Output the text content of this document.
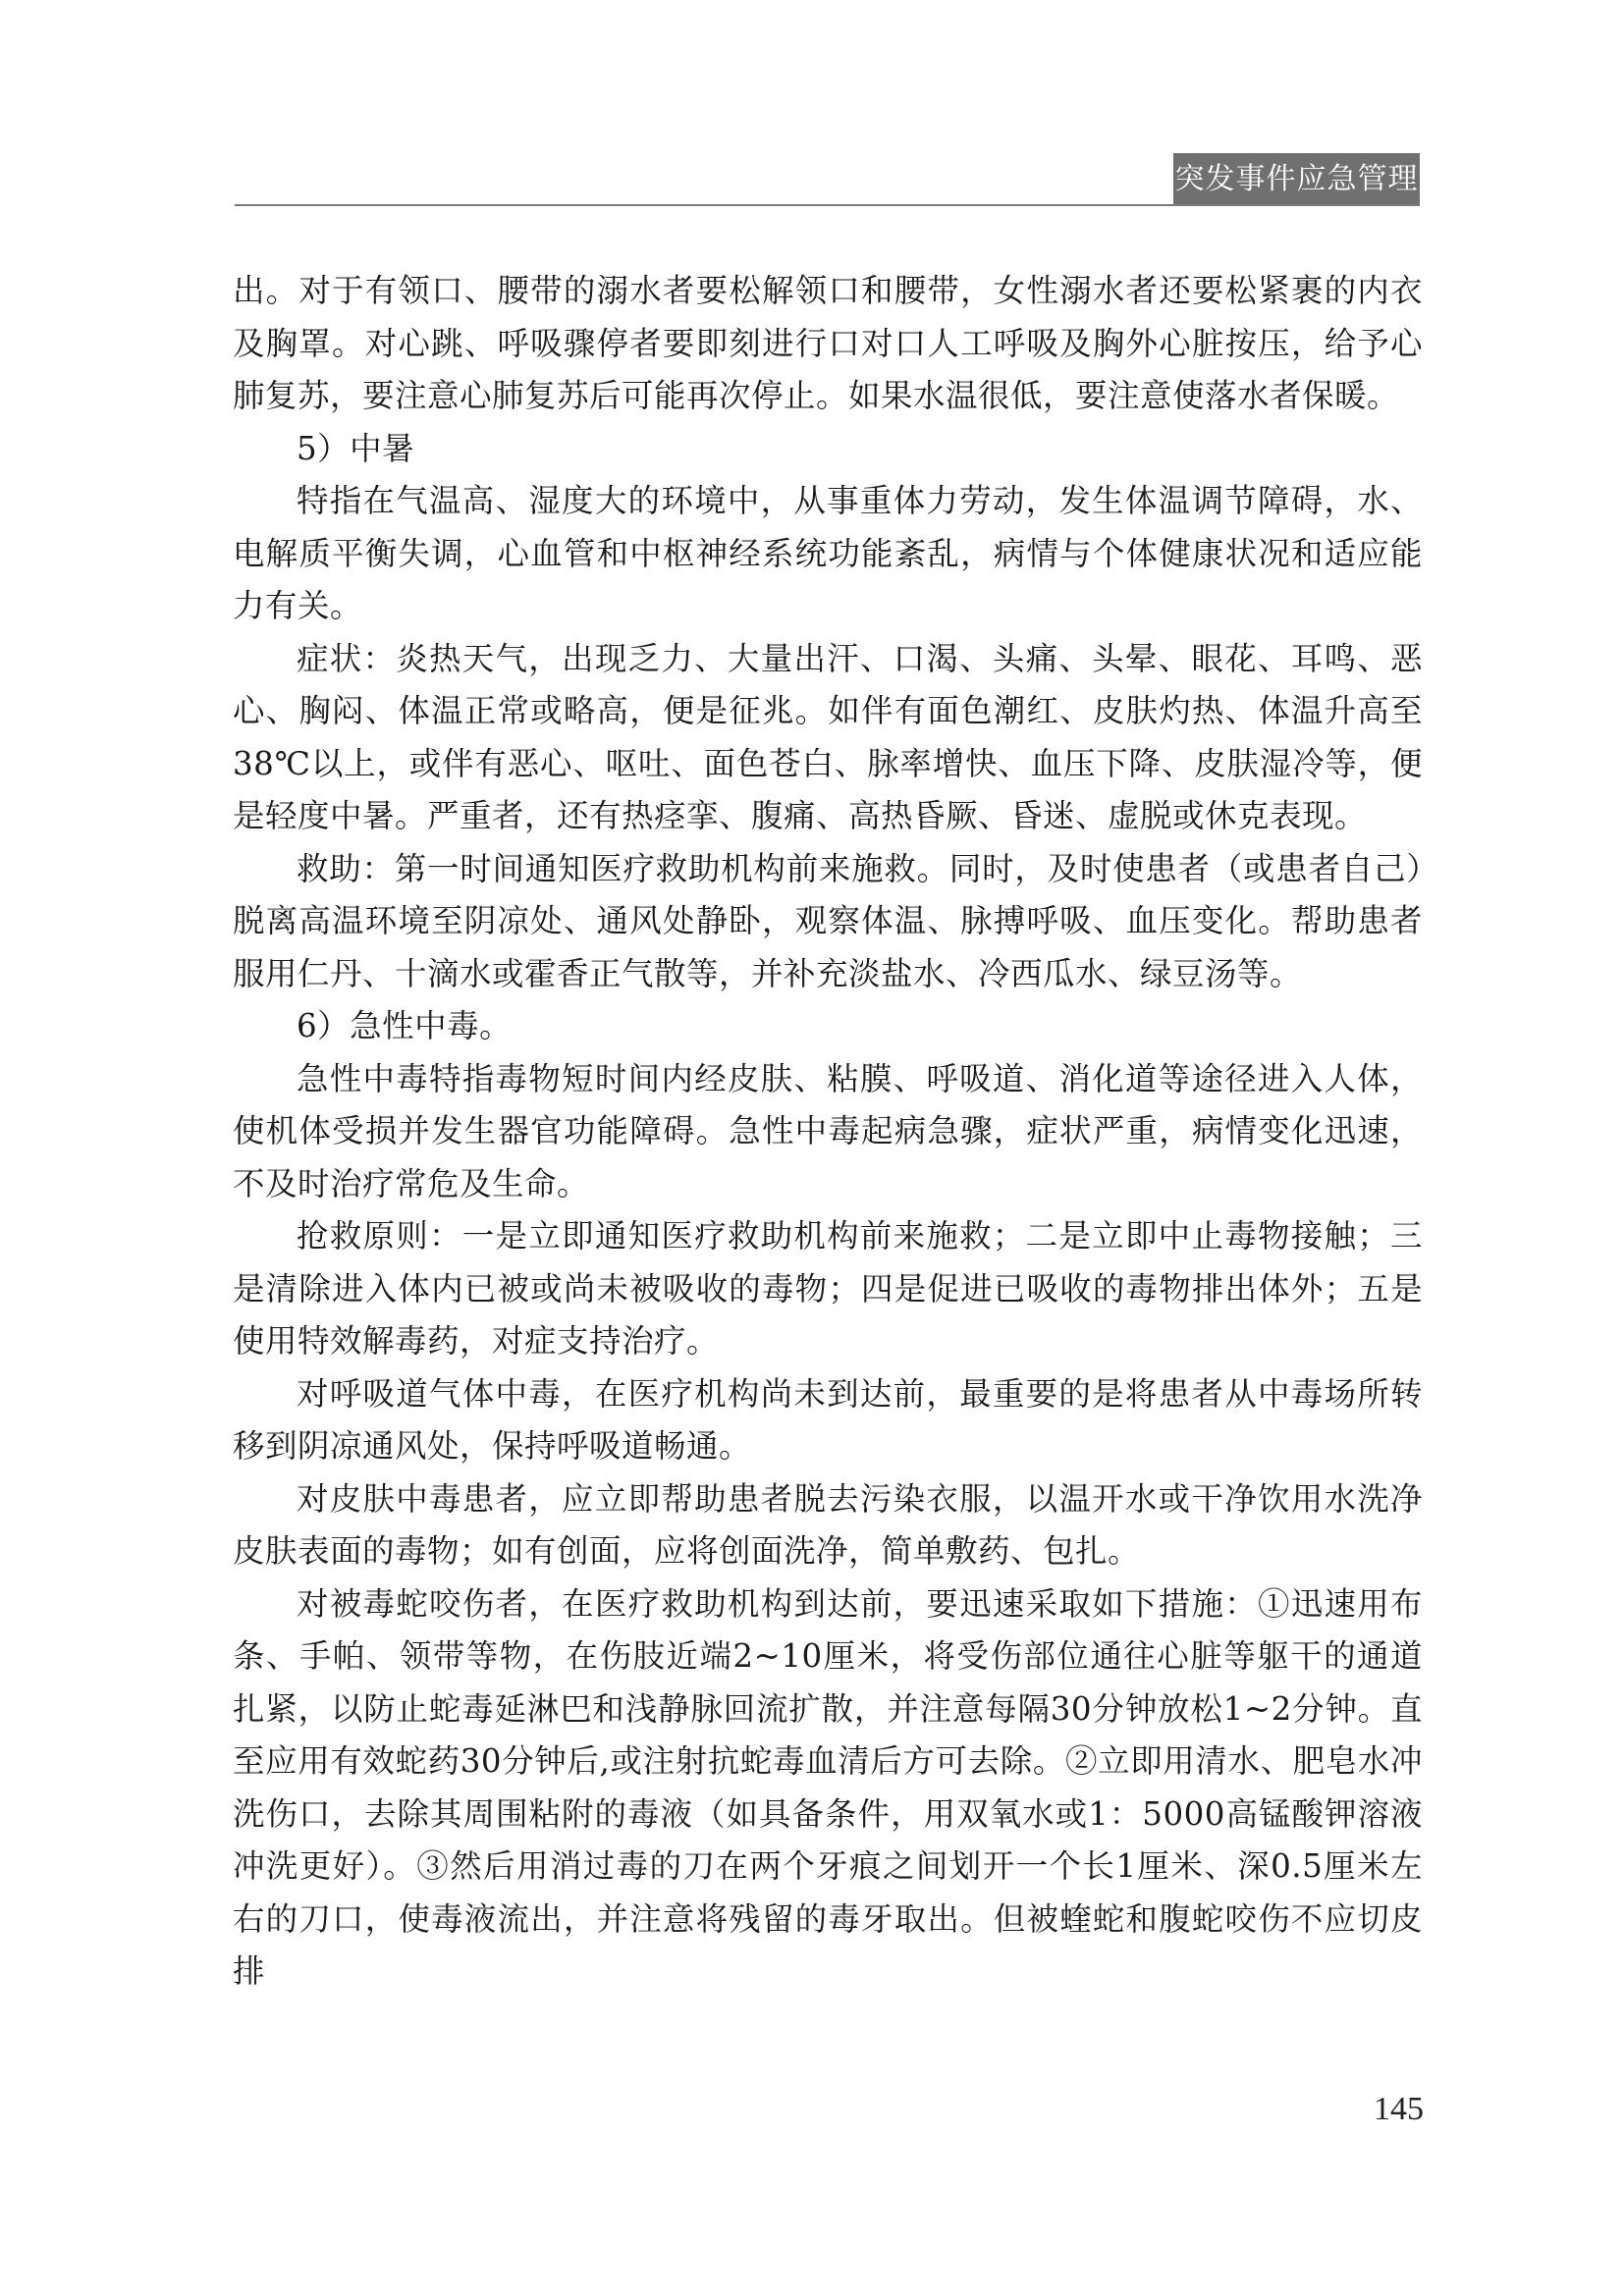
突发事件应急管理

出。对于有领口、腰带的溺水者要松解领口和腰带，女性溺水者还要松紧裹的内衣及胸罩。对心跳、呼吸骤停者要即刻进行口对口人工呼吸及胸外心脏按压，给予心肺复苏，要注意心肺复苏后可能再次停止。如果水温很低，要注意使落水者保暖。

5）中暑

特指在气温高、湿度大的环境中，从事重体力劳动，发生体温调节障碍，水、电解质平衡失调，心血管和中枢神经系统功能紊乱，病情与个体健康状况和适应能力有关。

症状：炎热天气，出现乏力、大量出汗、口渴、头痛、头晕、眼花、耳鸣、恶心、胸闷、体温正常或略高，便是征兆。如伴有面色潮红、皮肤灼热、体温升高至38℃以上，或伴有恶心、呕吐、面色苍白、脉率增快、血压下降、皮肤湿冷等，便是轻度中暑。严重者，还有热痉挛、腹痛、高热昏厥、昏迷、虚脱或休克表现。

救助：第一时间通知医疗救助机构前来施救。同时，及时使患者（或患者自己）脱离高温环境至阴凉处、通风处静卧，观察体温、脉搏呼吸、血压变化。帮助患者服用仁丹、十滴水或霍香正气散等，并补充淡盐水、冷西瓜水、绿豆汤等。

6）急性中毒。

急性中毒特指毒物短时间内经皮肤、粘膜、呼吸道、消化道等途径进入人体，使机体受损并发生器官功能障碍。急性中毒起病急骤，症状严重，病情变化迅速，不及时治疗常危及生命。

抢救原则：一是立即通知医疗救助机构前来施救；二是立即中止毒物接触；三是清除进入体内已被或尚未被吸收的毒物；四是促进已吸收的毒物排出体外；五是使用特效解毒药，对症支持治疗。

对呼吸道气体中毒，在医疗机构尚未到达前，最重要的是将患者从中毒场所转移到阴凉通风处，保持呼吸道畅通。

对皮肤中毒患者，应立即帮助患者脱去污染衣服，以温开水或干净饮用水洗净皮肤表面的毒物；如有创面，应将创面洗净，简单敷药、包扎。

对被毒蛇咬伤者，在医疗救助机构到达前，要迅速采取如下措施：①迅速用布条、手帕、领带等物，在伤肢近端2~10厘米，将受伤部位通往心脏等躯干的通道扎紧，以防止蛇毒延淋巴和浅静脉回流扩散，并注意每隔30分钟放松1~2分钟。直至应用有效蛇药30分钟后,或注射抗蛇毒血清后方可去除。②立即用清水、肥皂水冲洗伤口，去除其周围粘附的毒液（如具备条件，用双氧水或1：5000高锰酸钾溶液冲洗更好）。③然后用消过毒的刀在两个牙痕之间划开一个长1厘米、深0.5厘米左右的刀口，使毒液流出，并注意将残留的毒牙取出。但被蝰蛇和腹蛇咬伤不应切皮排

145
